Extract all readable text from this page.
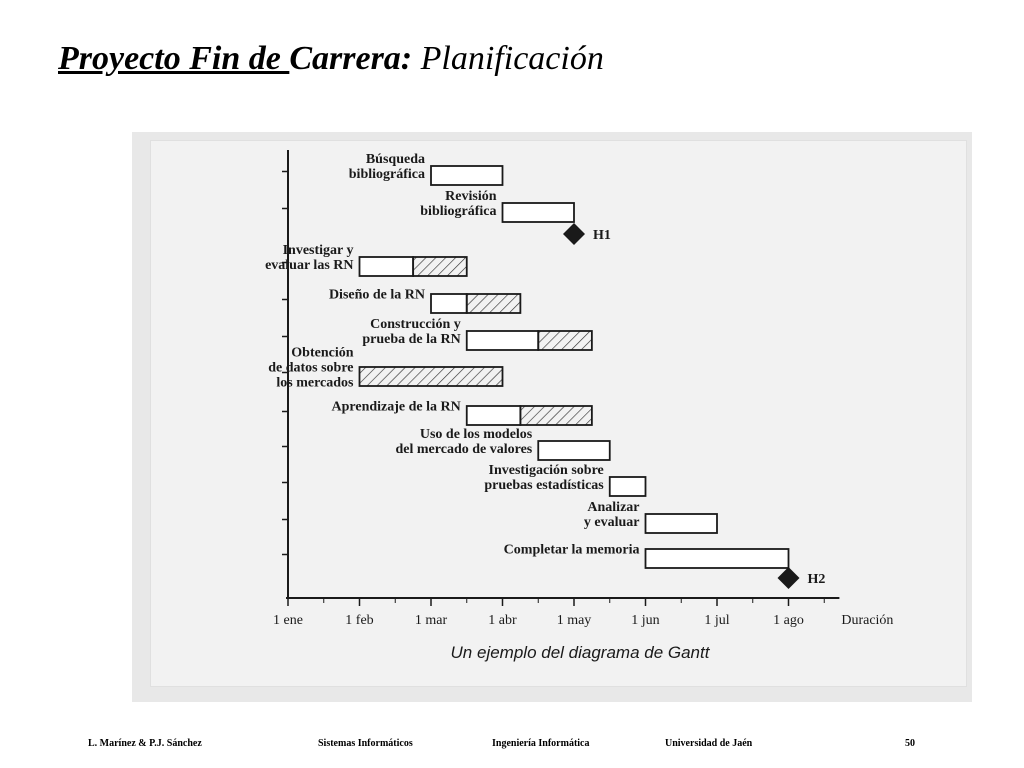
Proyecto Fin de Carrera: Planificación
1 ene	1 feb	1 mar	1 abr	1 may	1 jun	1 jul	1 ago	Duración
Un ejemplo del diagrama de Gantt
Búsqueda
bibliográfica
Revisión
bibliográfica
Investigar y
evaluar las RN
Diseño de la RN
Construcción y
prueba de la RN
Obtención
de datos sobre
los mercados
Aprendizaje de la RN
Uso de los modelos
del mercado de valores
Investigación sobre
pruebas estadísticas
Analizar
y evaluar
Completar la memoria
H1
H2
L. Marínez & P.J. Sánchez	Sistemas Informáticos	Ingeniería Informática	Universidad de Jaén	50
